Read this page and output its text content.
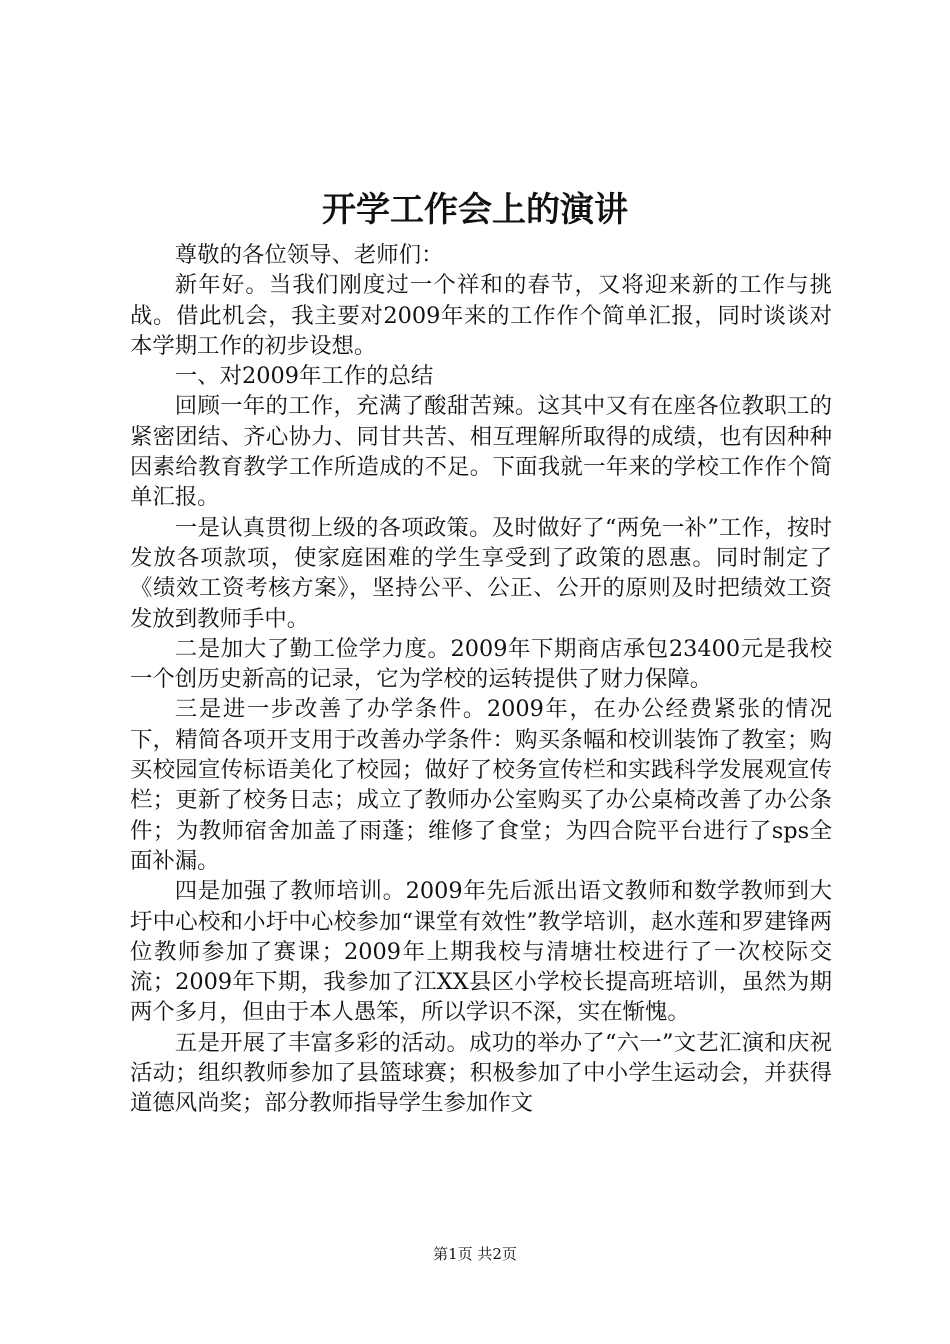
开学工作会上的演讲

尊敬的各位领导、老师们：

新年好。当我们刚度过一个祥和的春节，又将迎来新的工作与挑战。借此机会，我主要对2009年来的工作作个简单汇报，同时谈谈对本学期工作的初步设想。

一、对2009年工作的总结

回顾一年的工作，充满了酸甜苦辣。这其中又有在座各位教职工的紧密团结、齐心协力、同甘共苦、相互理解所取得的成绩，也有因种种因素给教育教学工作所造成的不足。下面我就一年来的学校工作作个简单汇报。

一是认真贯彻上级的各项政策。及时做好了“两免一补”工作，按时发放各项款项，使家庭困难的学生享受到了政策的恩惠。同时制定了《绩效工资考核方案》，坚持公平、公正、公开的原则及时把绩效工资发放到教师手中。

二是加大了勤工俭学力度。2009年下期商店承包23400元是我校一个创历史新高的记录，它为学校的运转提供了财力保障。

三是进一步改善了办学条件。2009年，在办公经费紧张的情况下，精简各项开支用于改善办学条件：购买条幅和校训装饰了教室；购买校园宣传标语美化了校园；做好了校务宣传栏和实践科学发展观宣传栏；更新了校务日志；成立了教师办公室购买了办公桌椅改善了办公条件；为教师宿舍加盖了雨蓬；维修了食堂；为四合院平台进行了sps全面补漏。

四是加强了教师培训。2009年先后派出语文教师和数学教师到大圩中心校和小圩中心校参加“课堂有效性”教学培训，赵水莲和罗建锋两位教师参加了赛课；2009年上期我校与清塘壮校进行了一次校际交流；2009年下期，我参加了江XX县区小学校长提高班培训，虽然为期两个多月，但由于本人愚笨，所以学识不深，实在惭愧。

五是开展了丰富多彩的活动。成功的举办了“六一”文艺汇演和庆祝活动；组织教师参加了县篮球赛；积极参加了中小学生运动会，并获得道德风尚奖；部分教师指导学生参加作文

第1页 共2页
